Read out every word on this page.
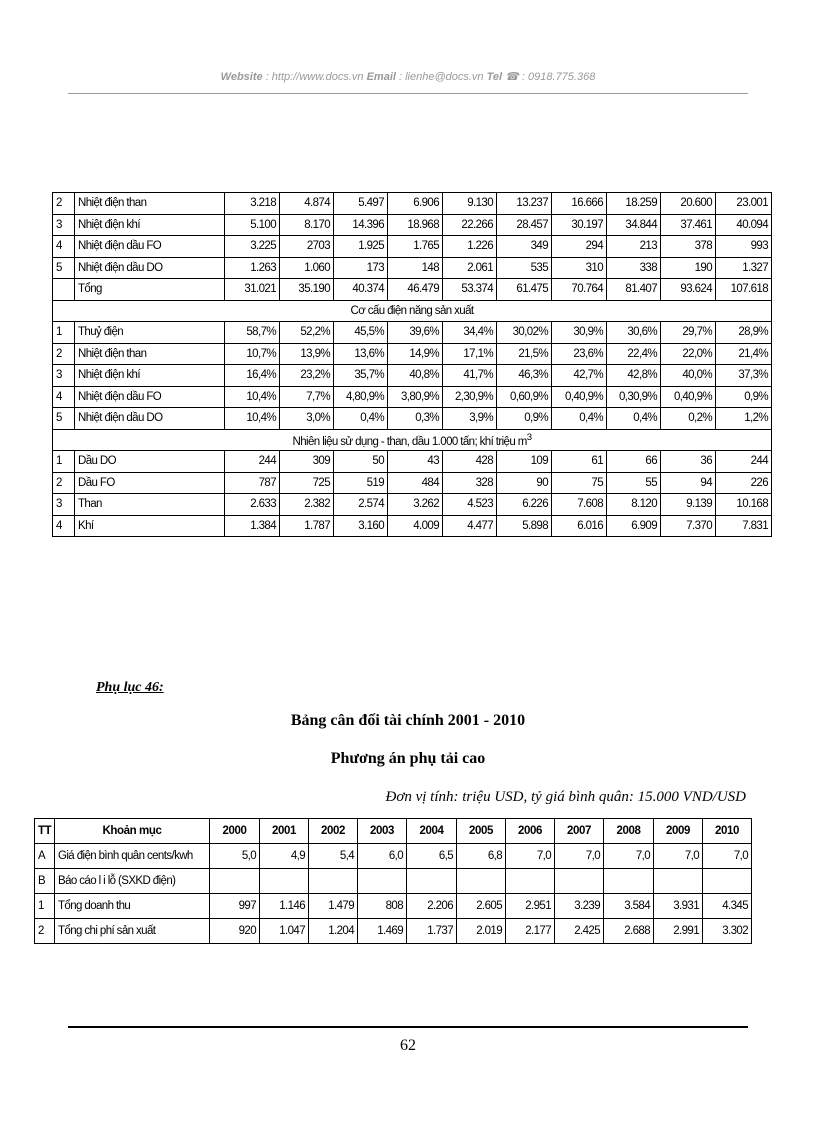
Website : http://www.docs.vn Email : lienhe@docs.vn Tel ☎ : 0918.775.368
2	Nhiệt điện than	3.218	4.874	5.497	6.906	9.130	13.237	16.666	18.259	20.600	23.001
3	Nhiệt điện khí	5.100	8.170	14.396	18.968	22.266	28.457	30.197	34.844	37.461	40.094
4	Nhiệt điện dầu FO	3.225	2703	1.925	1.765	1.226	349	294	213	378	993
5	Nhiệt điện dầu DO	1.263	1.060	173	148	2.061	535	310	338	190	1.327
	Tổng	31.021	35.190	40.374	46.479	53.374	61.475	70.764	81.407	93.624	107.618
Cơ cấu điện năng sản xuất											
1	Thuỷ điện	58,7%	52,2%	45,5%	39,6%	34,4%	30,02%	30,9%	30,6%	29,7%	28,9%
2	Nhiệt điện than	10,7%	13,9%	13,6%	14,9%	17,1%	21,5%	23,6%	22,4%	22,0%	21,4%
3	Nhiệt điện khí	16,4%	23,2%	35,7%	40,8%	41,7%	46,3%	42,7%	42,8%	40,0%	37,3%
4	Nhiệt điện dầu FO	10,4%	7,7%	4,80,9%	3,80,9%	2,30,9%	0,60,9%	0,40,9%	0,30,9%	0,40,9%	0,9%
5	Nhiệt điện dầu DO	10,4%	3,0%	0,4%	0,3%	3,9%	0,9%	0,4%	0,4%	0,2%	1,2%
Nhiên liệu sử dụng - than, dầu 1.000 tấn; khí triệu $m^3$
1	Dầu DO	244	309	50	43	428	109	61	66	36	244
2	Dầu FO	787	725	519	484	328	90	75	55	94	226
3	Than	2.633	2.382	2.574	3.262	4.523	6.226	7.608	8.120	9.139	10.168
4	Khí	1.384	1.787	3.160	4.009	4.477	5.898	6.016	6.909	7.370	7.831
Phụ lục 46:
Bảng cân đối tài chính 2001 - 2010
Phương án phụ tải cao
Đơn vị tính: triệu USD, tỷ giá bình quân: 15.000 VND/USD
TT	Khoản mục	2000	2001	2002	2003	2004	2005	2006	2007	2008	2009	2010
A	Giá điện bình quân cents/kwh	5,0	4,9	5,4	6,0	6,5	6,8	7,0	7,0	7,0	7,0	7,0
B	Báo cáo l i lỗ (SXKD điện)											
1	Tổng doanh thu	997	1.146	1.479	808	2.206	2.605	2.951	3.239	3.584	3.931	4.345
2	Tổng chi phí sản xuất	920	1.047	1.204	1.469	1.737	2.019	2.177	2.425	2.688	2.991	3.302
62
